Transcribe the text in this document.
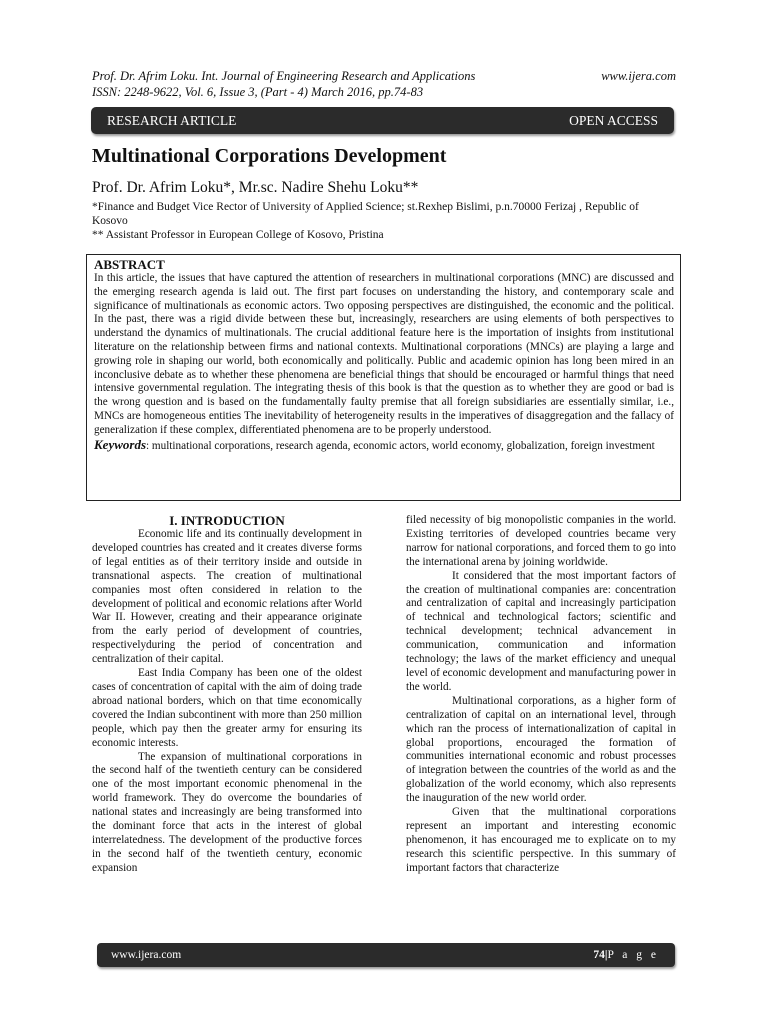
Prof. Dr. Afrim Loku. Int. Journal of Engineering Research and Applications	www.ijera.com
ISSN: 2248-9622, Vol. 6, Issue 3, (Part - 4) March 2016, pp.74-83
RESEARCH ARTICLE	OPEN ACCESS
Multinational Corporations Development
Prof. Dr. Afrim Loku*, Mr.sc. Nadire Shehu Loku**
*Finance and Budget Vice Rector of University of Applied Science; st.Rexhep Bislimi, p.n.70000 Ferizaj , Republic of Kosovo
** Assistant Professor in European College of Kosovo, Pristina
ABSTRACT

In this article, the issues that have captured the attention of researchers in multinational corporations (MNC) are discussed and the emerging research agenda is laid out. The first part focuses on understanding the history, and contemporary scale and significance of multinationals as economic actors. Two opposing perspectives are distinguished, the economic and the political. In the past, there was a rigid divide between these but, increasingly, researchers are using elements of both perspectives to understand the dynamics of multinationals. The crucial additional feature here is the importation of insights from institutional literature on the relationship between firms and national contexts. Multinational corporations (MNCs) are playing a large and growing role in shaping our world, both economically and politically. Public and academic opinion has long been mired in an inconclusive debate as to whether these phenomena are beneficial things that should be encouraged or harmful things that need intensive governmental regulation. The integrating thesis of this book is that the question as to whether they are good or bad is the wrong question and is based on the fundamentally faulty premise that all foreign subsidiaries are essentially similar, i.e., MNCs are homogeneous entities The inevitability of heterogeneity results in the imperatives of disaggregation and the fallacy of generalization if these complex, differentiated phenomena are to be properly understood.

Keywords: multinational corporations, research agenda, economic actors, world economy, globalization, foreign investment
I. INTRODUCTION

Economic life and its continually development in developed countries has created and it creates diverse forms of legal entities as of their territory inside and outside in transnational aspects. The creation of multinational companies most often considered in relation to the development of political and economic relations after World War II. However, creating and their appearance originate from the early period of development of countries, respectivelyduring the period of concentration and centralization of their capital.

East India Company has been one of the oldest cases of concentration of capital with the aim of doing trade abroad national borders, which on that time economically covered the Indian subcontinent with more than 250 million people, which pay then the greater army for ensuring its economic interests.

The expansion of multinational corporations in the second half of the twentieth century can be considered one of the most important economic phenomenal in the world framework. They do overcome the boundaries of national states and increasingly are being transformed into the dominant force that acts in the interest of global interrelatedness. The development of the productive forces in the second half of the twentieth century, economic expansion

filed necessity of big monopolistic companies in the world. Existing territories of developed countries became very narrow for national corporations, and forced them to go into the international arena by joining worldwide.

It considered that the most important factors of the creation of multinational companies are: concentration and centralization of capital and increasingly participation of technical and technological factors; scientific and technical development; technical advancement in communication, communication and information technology; the laws of the market efficiency and unequal level of economic development and manufacturing power in the world.

Multinational corporations, as a higher form of centralization of capital on an international level, through which ran the process of internationalization of capital in global proportions, encouraged the formation of communities international economic and robust processes of integration between the countries of the world as and the globalization of the world economy, which also represents the inauguration of the new world order.

Given that the multinational corporations represent an important and interesting economic phenomenon, it has encouraged me to explicate on to my research this scientific perspective. In this summary of important factors that characterize

www.ijera.com	74|P a g e
